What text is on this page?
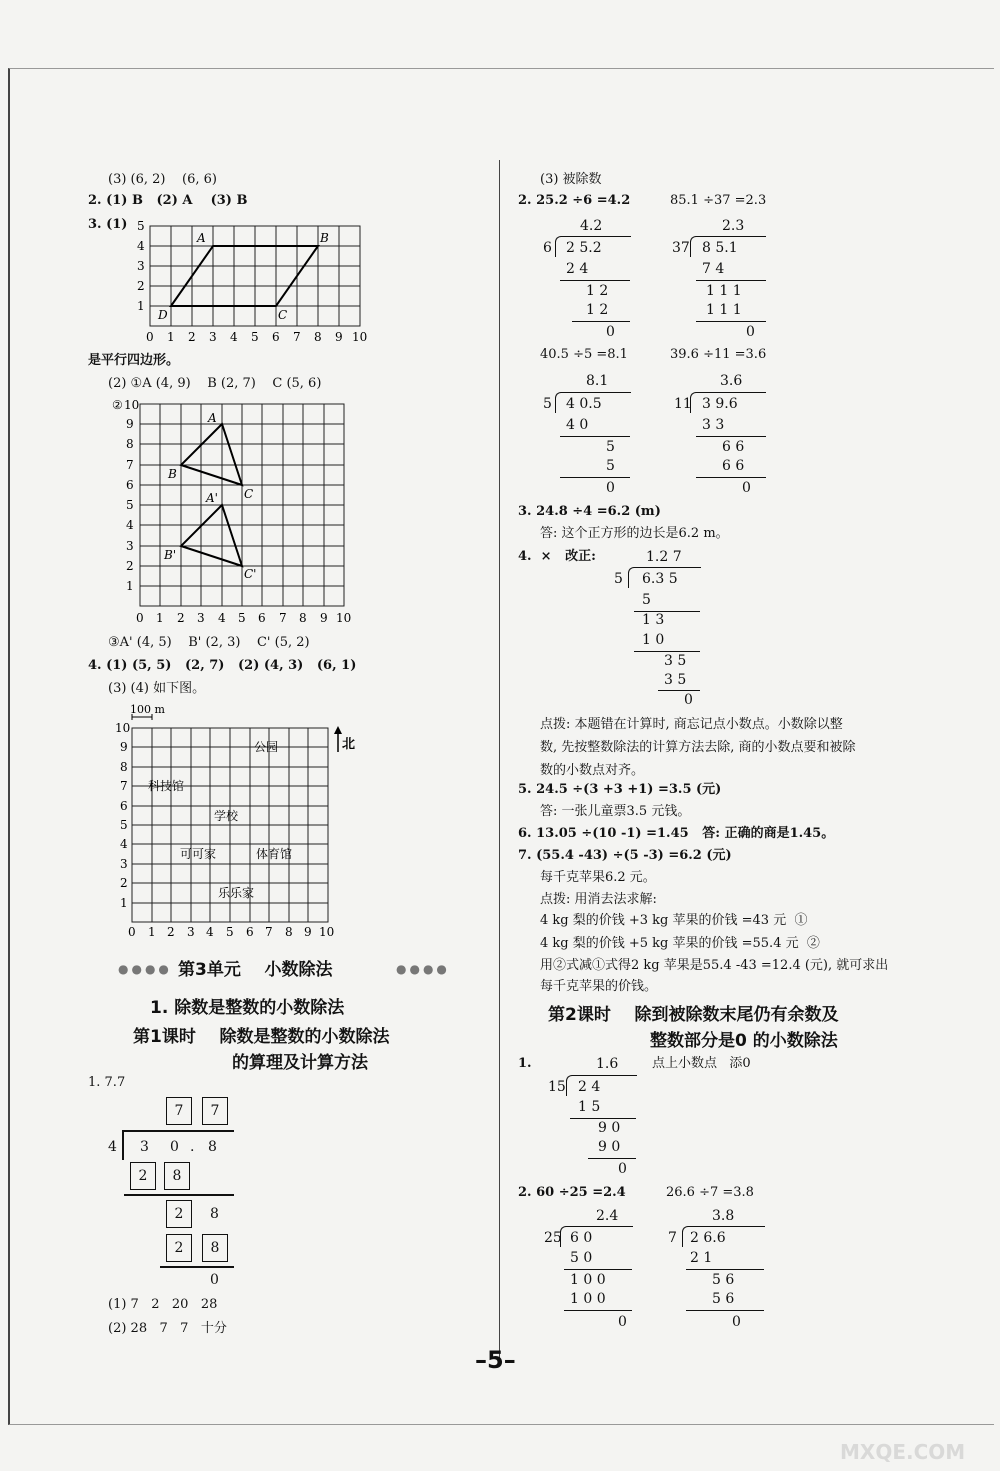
(3) (6, 2)    (6, 6)
2. (1) B   (2) A    (3) B
3. (1)
A	B
C
D
1
2
3
4
5
0 1 2 3 4 5 6 7 8 9 10
是平行四边形。
(2) ①A (4, 9)    B (2, 7)    C (5, 6)
A
B
C
A'
B'
C'
②
1
2
3
4
5
6
7
8
9
10
0 1 2 3 4 5 6 7 8 9 10
③A' (4, 5)    B' (2, 3)    C' (5, 2)
4. (1) (5, 5)   (2, 7)   (2) (4, 3)   (6, 1)
(3) (4) 如下图。
100 m
北
科技馆
公园
学校
可可家	体育馆
乐乐家
1
2
3
4
5
6
7
8
9
10
0 1 2 3 4 5 6 7 8 9 10
●●●● 第3单元    小数除法	●●●●
1. 除数是整数的小数除法
第1课时    除数是整数的小数除法
的算理及计算方法
1. 7.7
7	7
4 3 0 . 8
2	8
2	8
2	8
0
(1) 7   2   20   28
(2) 28   7   7   十分
(3) 被除数
2. 25.2 ÷6 =4.2	85.1 ÷37 =2.3
4.2
6 2 5.2
2 4
1 2
1 2
0
2.3
37 8 5.1
7 4
1 1 1
1 1 1
0
40.5 ÷5 =8.1	39.6 ÷11 =3.6
8.1
5 4 0.5
4 0
5
5
0
3.6
11 3 9.6
3 3
6 6
6 6
0
3. 24.8 ÷4 =6.2 (m)
答: 这个正方形的边长是6.2 m。
4.  ×   改正:	1.2 7
5 6.3 5
5
1 3
1 0
3 5
3 5
0
点拨: 本题错在计算时, 商忘记点小数点。小数除以整
数, 先按整数除法的计算方法去除, 商的小数点要和被除
数的小数点对齐。
5. 24.5 ÷(3 +3 +1) =3.5 (元)
答: 一张儿童票3.5 元钱。
6. 13.05 ÷(10 -1) =1.45   答: 正确的商是1.45。
7. (55.4 -43) ÷(5 -3) =6.2 (元)
每千克苹果6.2 元。
点拨: 用消去法求解:
4 kg 梨的价钱 +3 kg 苹果的价钱 =43 元  ①
4 kg 梨的价钱 +5 kg 苹果的价钱 =55.4 元  ②
用②式减①式得2 kg 苹果是55.4 -43 =12.4 (元), 就可求出
每千克苹果的价钱。
第2课时    除到被除数末尾仍有余数及
整数部分是0 的小数除法
1.	1.6	点上小数点   添0
15 2 4
1 5
9 0
9 0
0
2. 60 ÷25 =2.4	26.6 ÷7 =3.8
2.4
25 6 0
5 0
1 0 0
1 0 0
0
3.8
7 2 6.6
2 1
5 6
5 6
0
–5–
MXQE.COM
